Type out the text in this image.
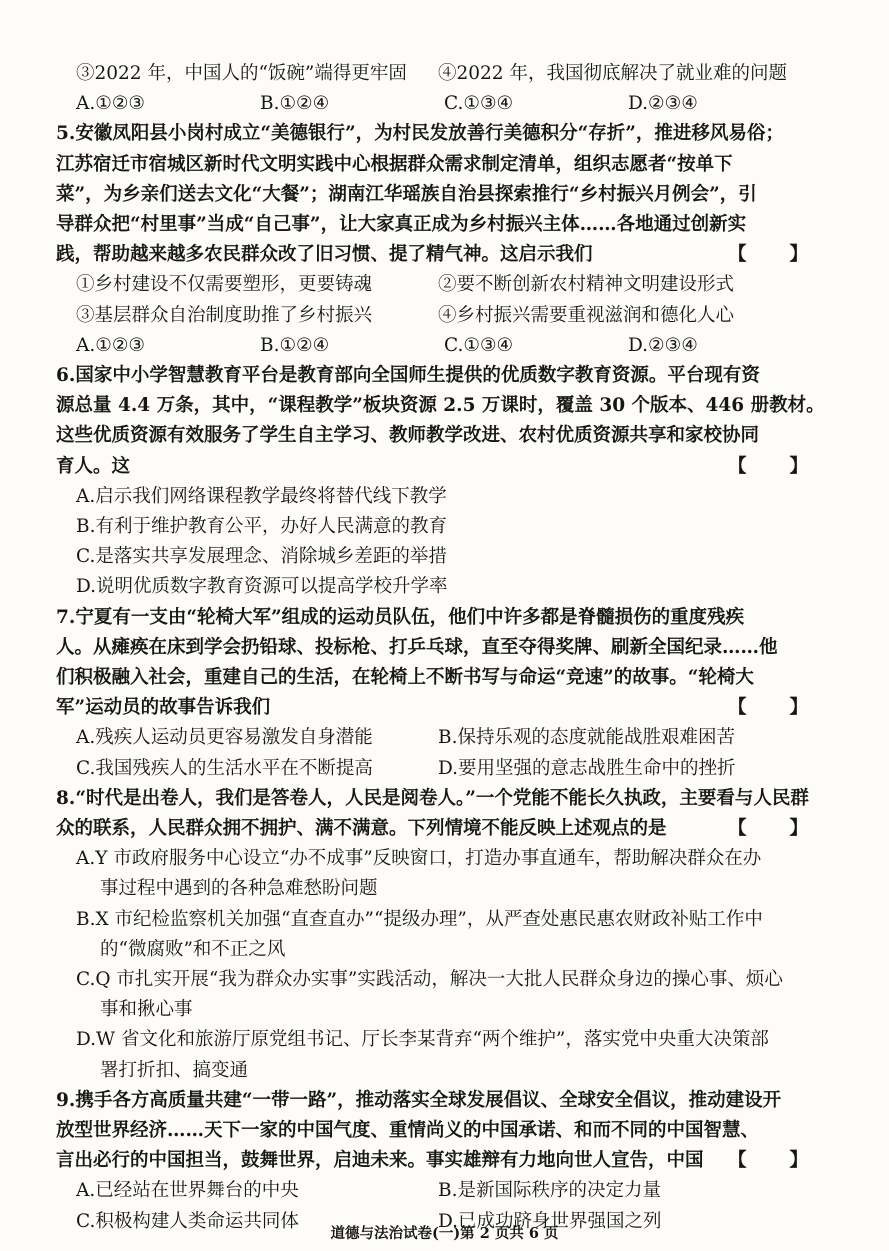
③2022 年，中国人的“饭碗”端得更牢固	④2022 年，我国彻底解决了就业难的问题
A.①②③	B.①②④	C.①③④	D.②③④
5.安徽凤阳县小岗村成立“美德银行”，为村民发放善行美德积分“存折”，推进移风易俗；
江苏宿迁市宿城区新时代文明实践中心根据群众需求制定清单，组织志愿者“按单下
菜”，为乡亲们送去文化“大餐”；湖南江华瑶族自治县探索推行“乡村振兴月例会”，引
导群众把“村里事”当成“自己事”，让大家真正成为乡村振兴主体……各地通过创新实
践，帮助越来越多农民群众改了旧习惯、提了精气神。这启示我们	【 】
①乡村建设不仅需要塑形，更要铸魂	②要不断创新农村精神文明建设形式
③基层群众自治制度助推了乡村振兴	④乡村振兴需要重视滋润和德化人心
A.①②③	B.①②④	C.①③④	D.②③④
6.国家中小学智慧教育平台是教育部向全国师生提供的优质数字教育资源。平台现有资
源总量 4.4 万条，其中，“课程教学”板块资源 2.5 万课时，覆盖 30 个版本、446 册教材。
这些优质资源有效服务了学生自主学习、教师教学改进、农村优质资源共享和家校协同
育人。这	【 】
A.启示我们网络课程教学最终将替代线下教学
B.有利于维护教育公平，办好人民满意的教育
C.是落实共享发展理念、消除城乡差距的举措
D.说明优质数字教育资源可以提高学校升学率
7.宁夏有一支由“轮椅大军”组成的运动员队伍，他们中许多都是脊髓损伤的重度残疾
人。从瘫痪在床到学会扔铅球、投标枪、打乒乓球，直至夺得奖牌、刷新全国纪录……他
们积极融入社会，重建自己的生活，在轮椅上不断书写与命运“竞速”的故事。“轮椅大
军”运动员的故事告诉我们	【 】
A.残疾人运动员更容易激发自身潜能	B.保持乐观的态度就能战胜艰难困苦
C.我国残疾人的生活水平在不断提高	D.要用坚强的意志战胜生命中的挫折
8.“时代是出卷人，我们是答卷人，人民是阅卷人。”一个党能不能长久执政，主要看与人民群
众的联系，人民群众拥不拥护、满不满意。下列情境不能反映上述观点的是	【 】
A.Y 市政府服务中心设立“办不成事”反映窗口，打造办事直通车，帮助解决群众在办
事过程中遇到的各种急难愁盼问题
B.X 市纪检监察机关加强“直查直办”“提级办理”，从严查处惠民惠农财政补贴工作中
的“微腐败”和不正之风
C.Q 市扎实开展“我为群众办实事”实践活动，解决一大批人民群众身边的操心事、烦心
事和揪心事
D.W 省文化和旅游厅原党组书记、厅长李某背弃“两个维护”，落实党中央重大决策部
署打折扣、搞变通
9.携手各方高质量共建“一带一路”，推动落实全球发展倡议、全球安全倡议，推动建设开
放型世界经济……天下一家的中国气度、重情尚义的中国承诺、和而不同的中国智慧、
言出必行的中国担当，鼓舞世界，启迪未来。事实雄辩有力地向世人宣告，中国	【 】
道德与法治试卷(一)第 2 页共 6 页
A.已经站在世界舞台的中央	B.是新国际秩序的决定力量
C.积极构建人类命运共同体	D.已成功跻身世界强国之列
